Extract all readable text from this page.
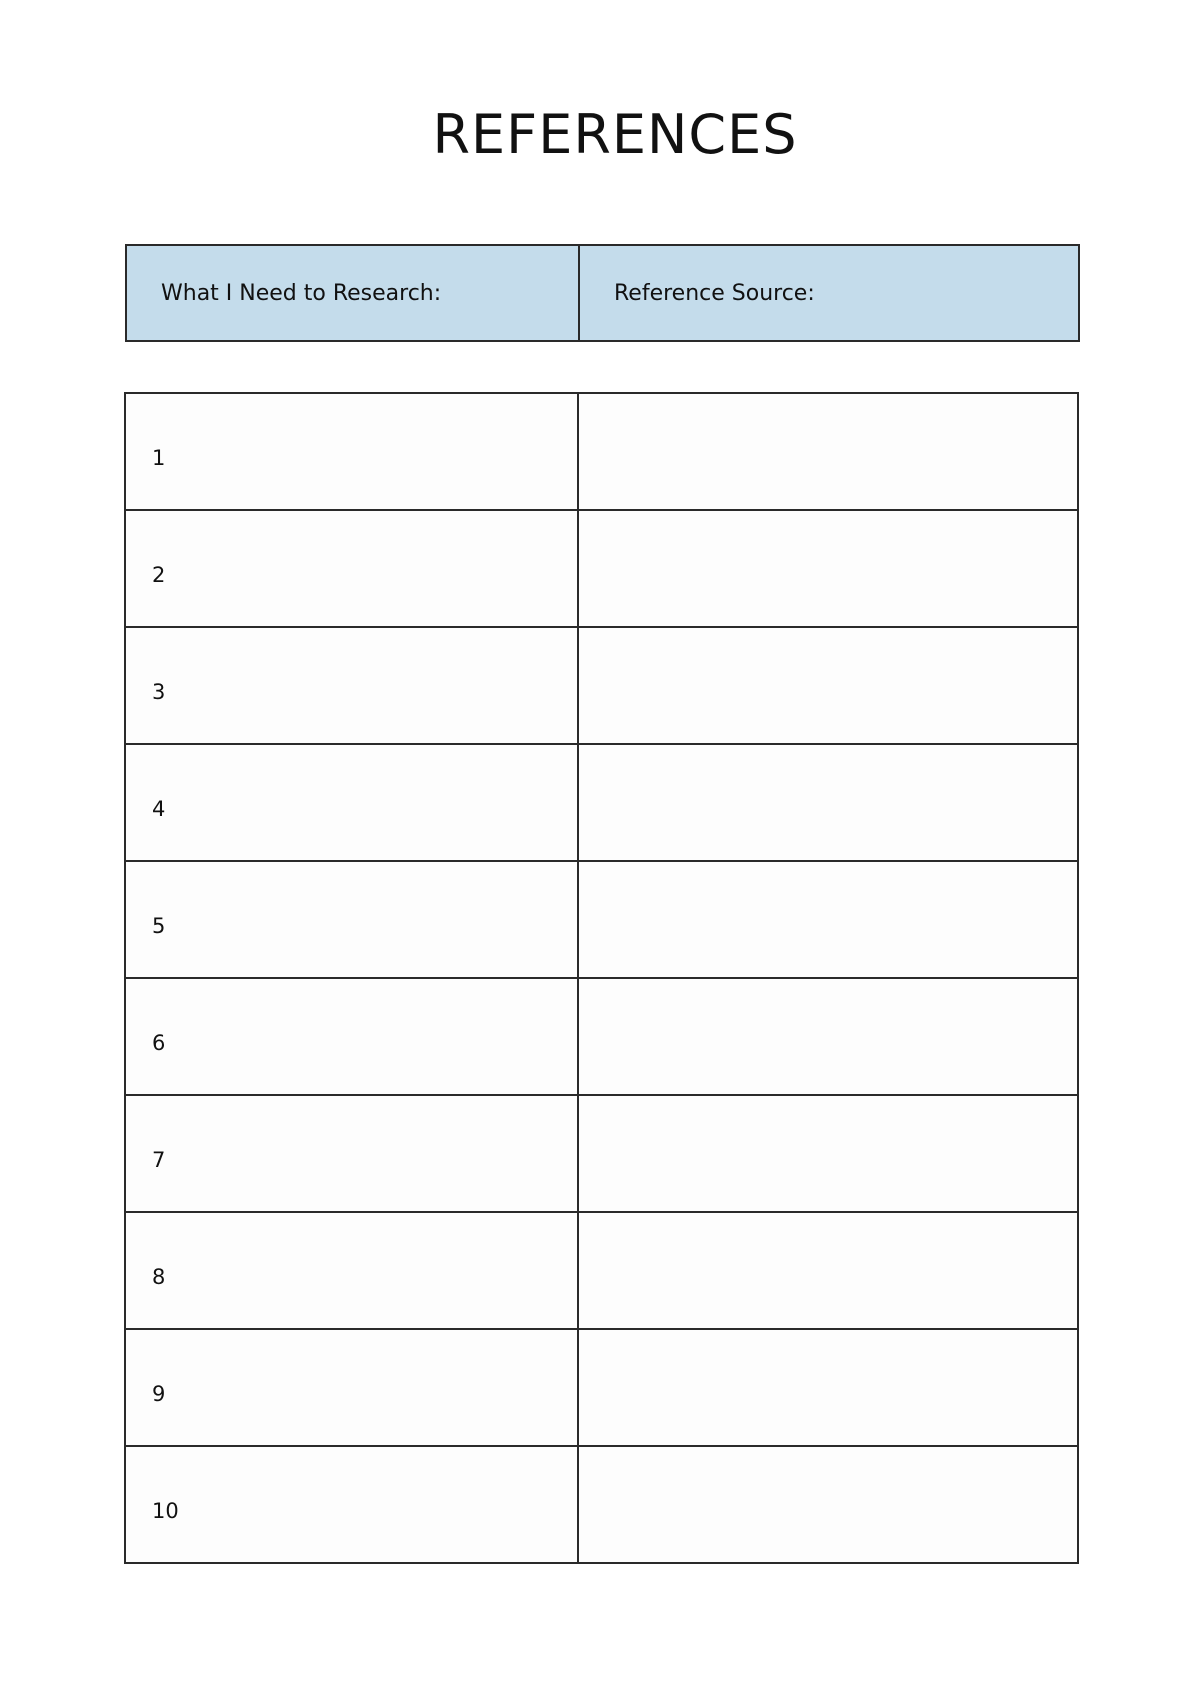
REFERENCES
What I Need to Research:	Reference Source:
1
2
3
4
5
6
7
8
9
10
